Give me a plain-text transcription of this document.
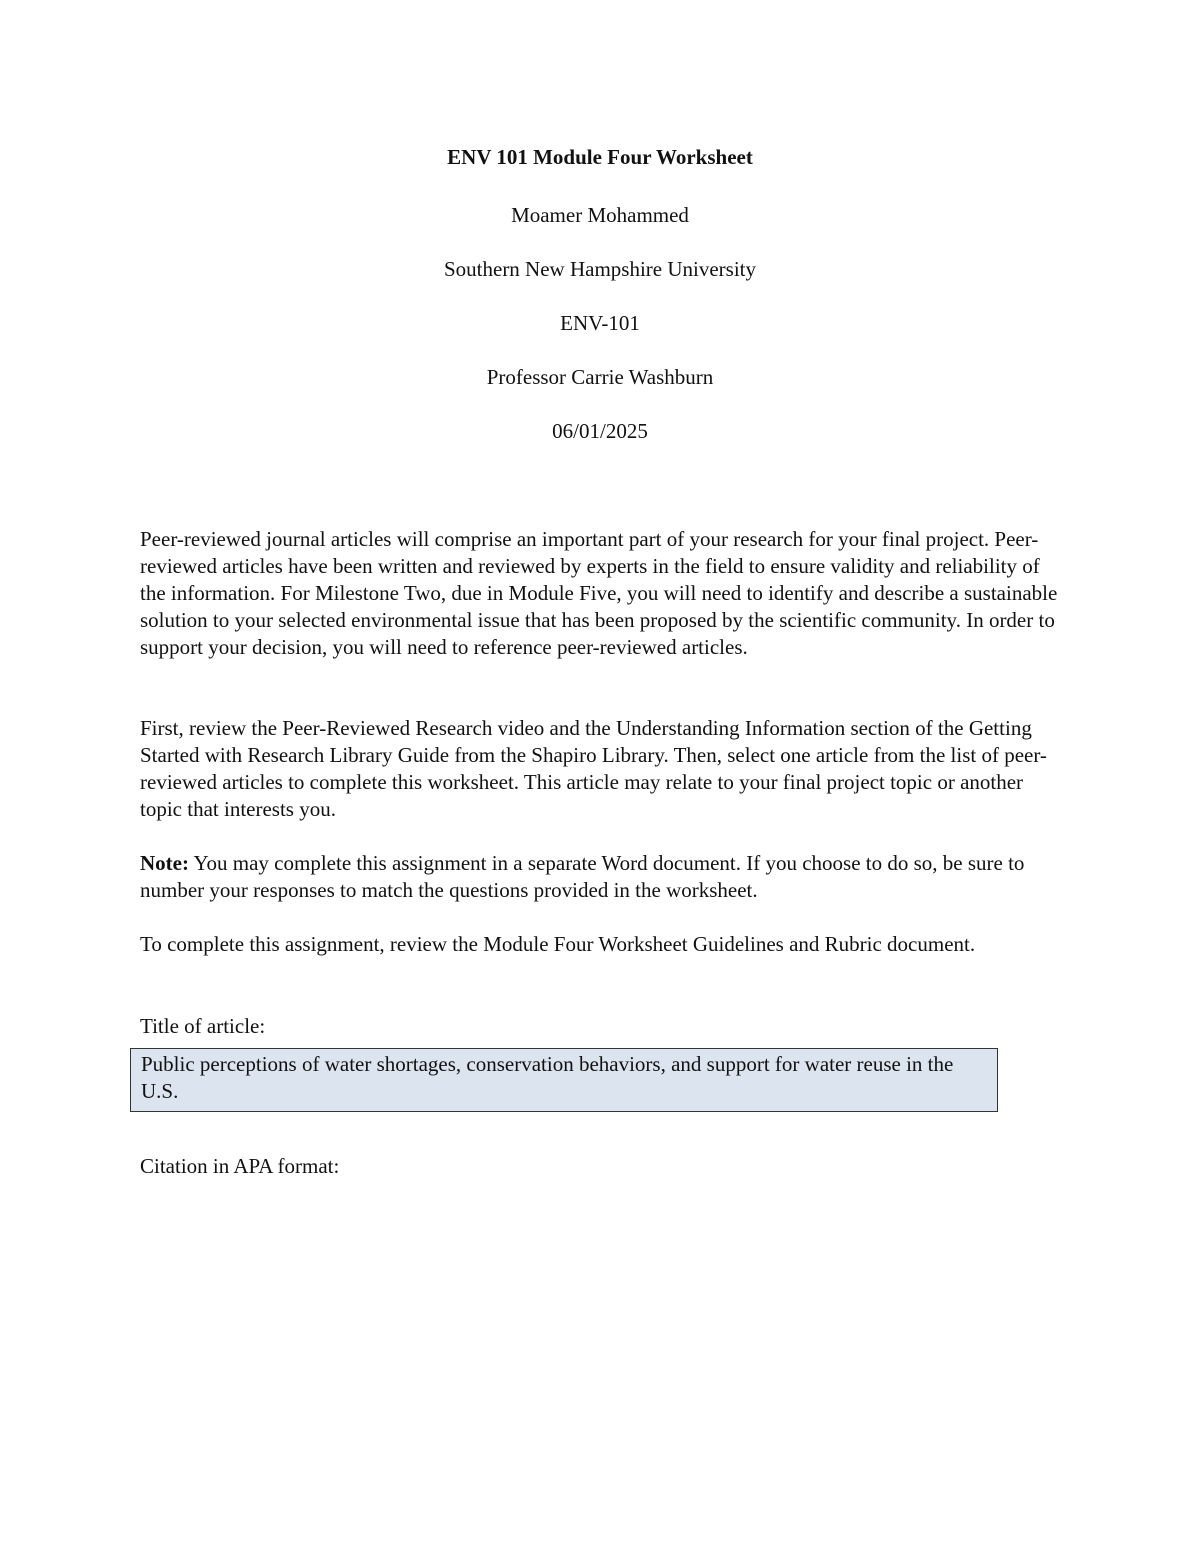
ENV 101 Module Four Worksheet

Moamer Mohammed

Southern New Hampshire University

ENV-101

Professor Carrie Washburn

06/01/2025

Peer-reviewed journal articles will comprise an important part of your research for your final project. Peer-reviewed articles have been written and reviewed by experts in the field to ensure validity and reliability of the information. For Milestone Two, due in Module Five, you will need to identify and describe a sustainable solution to your selected environmental issue that has been proposed by the scientific community. In order to support your decision, you will need to reference peer-reviewed articles.

First, review the Peer-Reviewed Research video and the Understanding Information section of the Getting Started with Research Library Guide from the Shapiro Library. Then, select one article from the list of peer-reviewed articles to complete this worksheet. This article may relate to your final project topic or another topic that interests you.

Note: You may complete this assignment in a separate Word document. If you choose to do so, be sure to number your responses to match the questions provided in the worksheet.

To complete this assignment, review the Module Four Worksheet Guidelines and Rubric document.

Title of article:

Public perceptions of water shortages, conservation behaviors, and support for water reuse in the U.S.

Citation in APA format:
